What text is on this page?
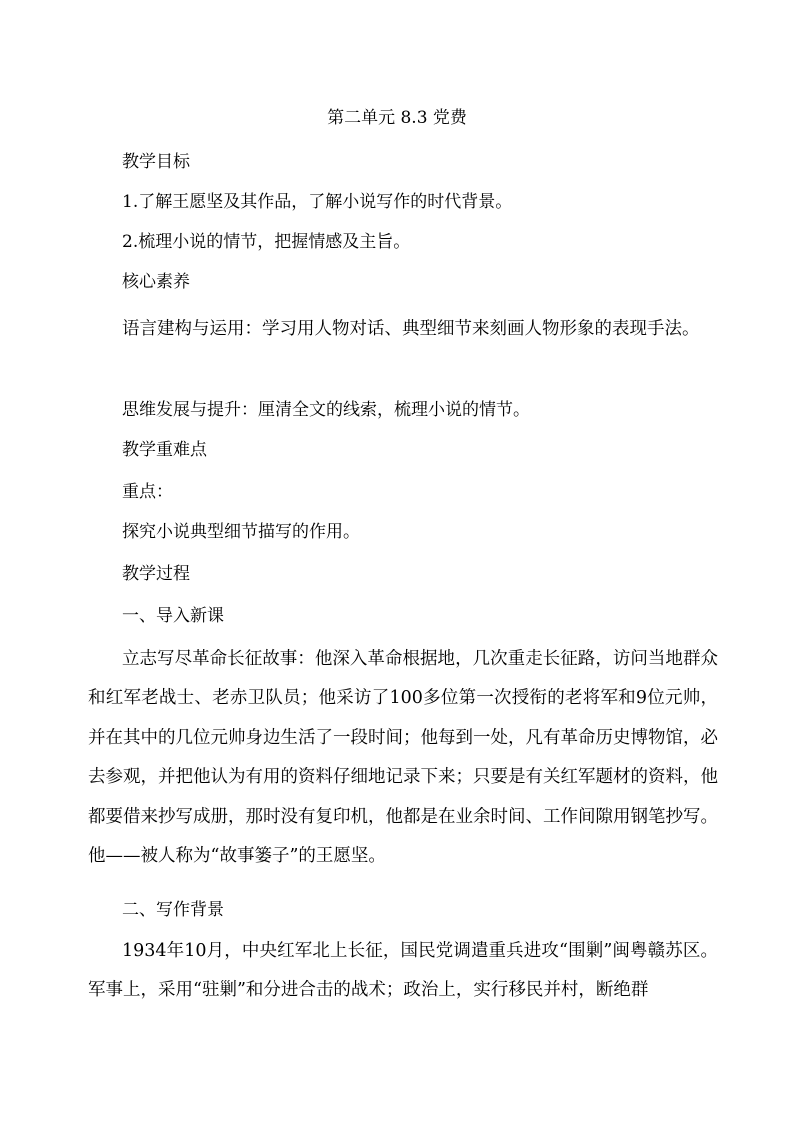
第二单元 8.3 党费
教学目标
1.了解王愿坚及其作品，了解小说写作的时代背景。
2.梳理小说的情节，把握情感及主旨。
核心素养

语言建构与运用：学习用人物对话、典型细节来刻画人物形象的表现手法。

思维发展与提升：厘清全文的线索，梳理小说的情节。
教学重难点
重点：
探究小说典型细节描写的作用。
教学过程
一、导入新课

立志写尽革命长征故事：他深入革命根据地，几次重走长征路，访问当地群众和红军老战士、老赤卫队员；他采访了100多位第一次授衔的老将军和9位元帅，并在其中的几位元帅身边生活了一段时间；他每到一处，凡有革命历史博物馆，必去参观，并把他认为有用的资料仔细地记录下来；只要是有关红军题材的资料，他都要借来抄写成册，那时没有复印机，他都是在业余时间、工作间隙用钢笔抄写。他——被人称为“故事篓子”的王愿坚。

二、写作背景

1934年10月，中央红军北上长征，国民党调遣重兵进攻“围剿”闽粤赣苏区。军事上，采用“驻剿”和分进合击的战术；政治上，实行移民并村，断绝群
